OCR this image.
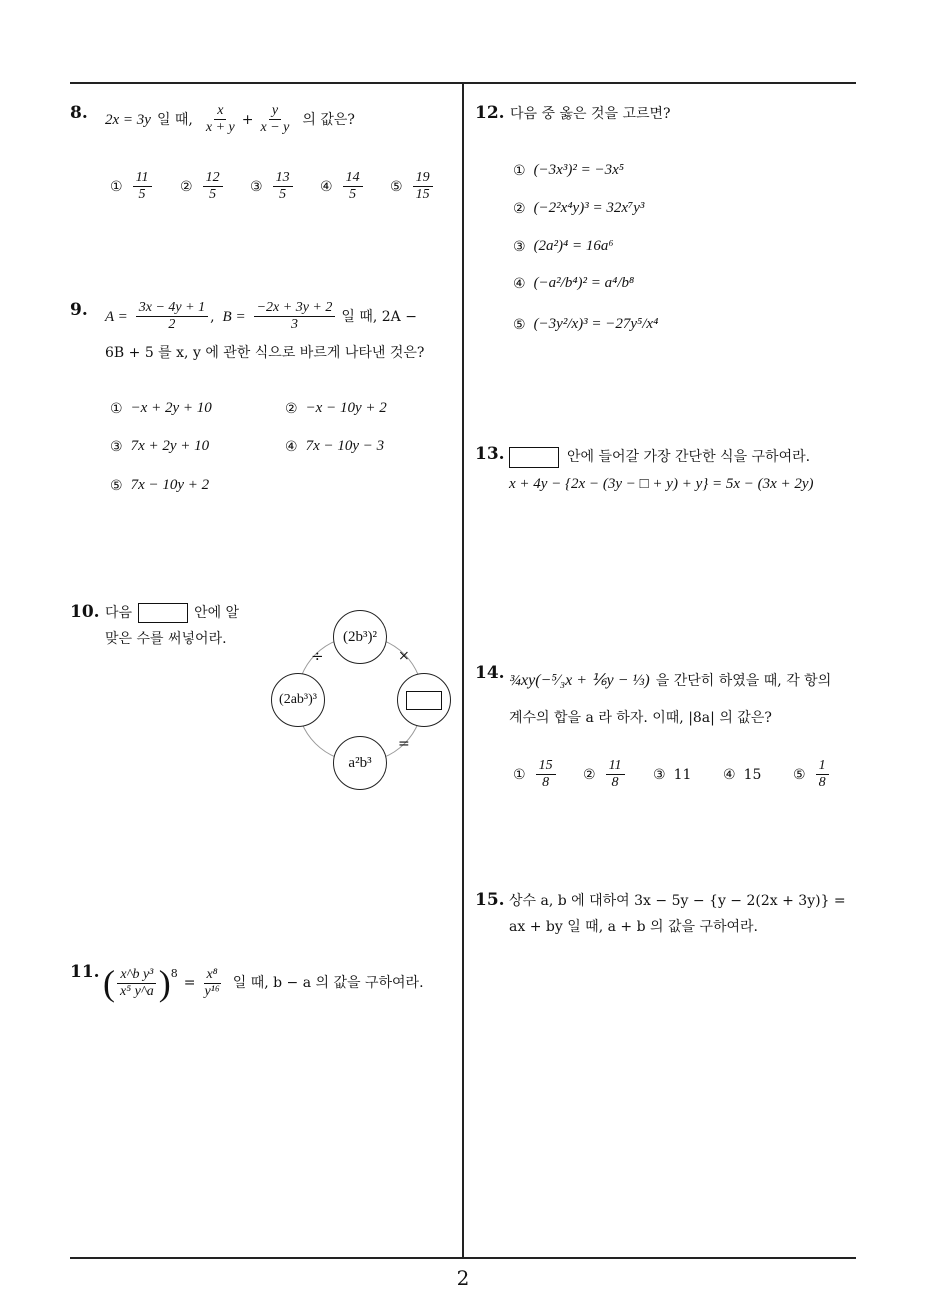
8. 2x = 3y 일 때, $\frac{x}{x + y} + \frac{y}{x - y}$ 의 값은?
① $\frac{11}{5}$ ② $\frac{12}{5}$ ③ $\frac{13}{5}$ ④ $\frac{14}{5}$ ⑤ $\frac{19}{15}$
9. $A = \frac{3x - 4y + 1}{2}$ , $B = \frac{-2x + 3y + 2}{3}$ 일 때, 2A −
6B + 5 를 x, y 에 관한 식으로 바르게 나타낸 것은?
① −x + 2y + 10	② −x − 10y + 2
③ 7x + 2y + 10	④ 7x − 10y − 3
⑤ 7x − 10y + 2
10. 다음	안에 알
맞은 수를 써넣어라.	(2b³)²
(2ab³)³
a²b³
÷	×
=
11. ( $\frac{\text{x\textasciicircum{}b y³}}{\text{x⁵ y\textasciicircum{}a}}$ ) 8
= $\frac{\text{x⁸}}{\text{y¹⁶}}$ 일 때, b − a 의 값을 구하여라.
12. 다음 중 옳은 것을 고르면?
① (−3x³)² = −3x⁵
② (−2²x⁴y)³ = 32x⁷y³
③ (2a²)⁴ = 16a⁶
④ (−a²/b⁴)² = a⁴/b⁸
⑤ (−3y²/x)³ = −27y⁵/x⁴
13.	안에 들어갈 가장 간단한 식을 구하여라.
x + 4y − {2x − (3y − □ + y) + y} = 5x − (3x + 2y)
14. ¾xy(−⁵⁄₃x + ⅙y − ⅓) 을 간단히 하였을 때, 각 항의
계수의 합을 a 라 하자. 이때, |8a| 의 값은?
① $\frac{15}{8}$ ② $\frac{11}{8}$ ③ 11 ④ 15 ⑤ $\frac{1}{8}$
15. 상수 a, b 에 대하여 3x − 5y − {y − 2(2x + 3y)} =
ax + by 일 때, a + b 의 값을 구하여라.
2
